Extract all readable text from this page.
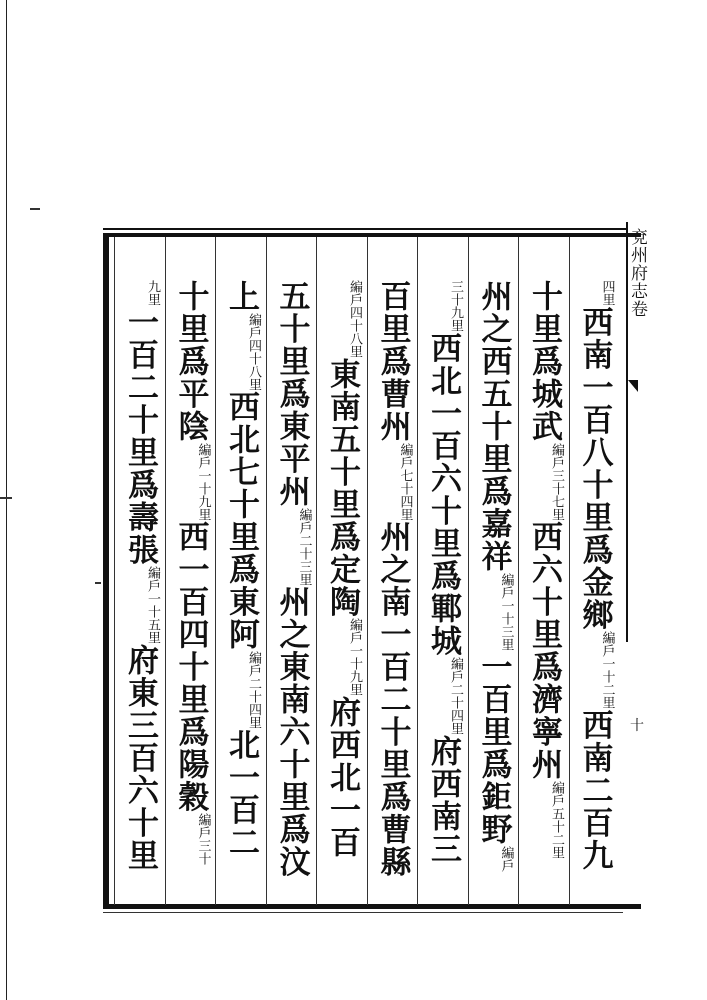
兗州府志卷
十
四里西南一百八十里爲金鄉編戶一十二里西南二百九
十里爲城武編戶三十七里西六十里爲濟寧州編戶五十二里
州之西五十里爲嘉祥編戶一十三里一百里爲鉅野編戶
三十九里西北一百六十里爲鄆城編戶二十四里府西南三
百里爲曹州編戶七十四里州之南一百二十里爲曹縣
編戶四十八里東南五十里爲定陶編戶一十九里府西北一百
五十里爲東平州編戶二十三里州之東南六十里爲汶
上編戶四十八里西北七十里爲東阿編戶二十四里北一百二
十里爲平陰編戶一十九里西一百四十里爲陽穀編戶三十
九里一百二十里爲壽張編戶一十五里府東三百六十里
